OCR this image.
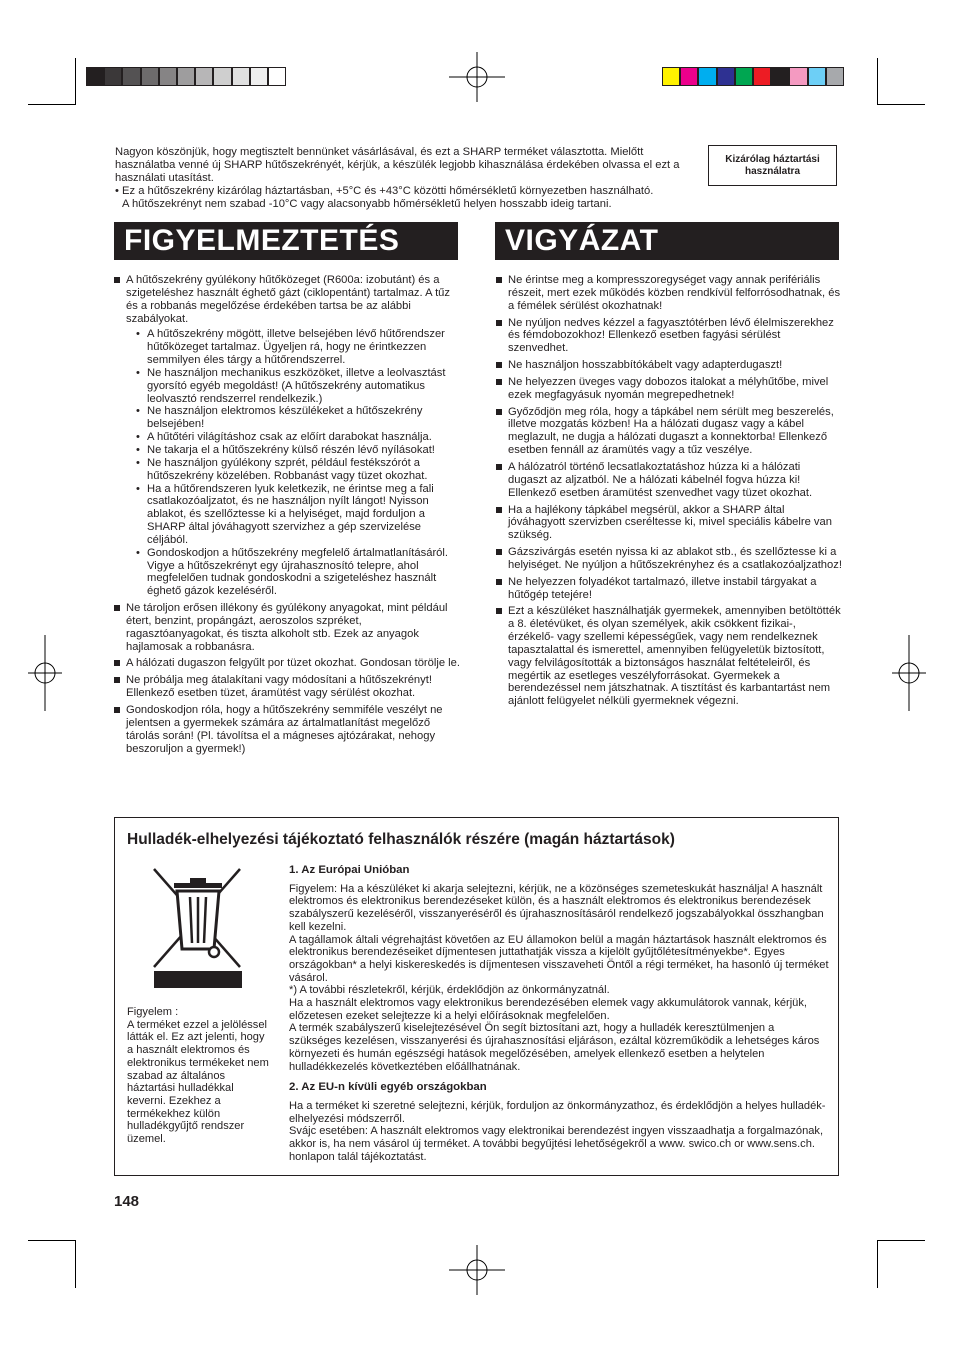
Nagyon köszönjük, hogy megtisztelt bennünket vásárlásával, és ezt a SHARP terméket választotta. Mielőtt használatba venné új SHARP hűtőszekrényét, kérjük, a készülék legjobb kihasználása érdekében olvassa el ezt a használati utasítást.

• Ez a hűtőszekrény kizárólag háztartásban, +5°C és +43°C közötti hőmérsékletű környezetben használható.

A hűtőszekrényt nem szabad -10°C vagy alacsonyabb hőmérsékletű helyen hosszabb ideig tartani.

Kizárólag háztartási használatra
FIGYELMEZTETÉS
A hűtőszekrény gyúlékony hűtőközeget (R600a: izobutánt) és a szigeteléshez használt éghető gázt (ciklopentánt) tartalmaz. A tűz és a robbanás megelőzése érdekében tartsa be az alábbi szabályokat.
• A hűtőszekrény mögött, illetve belsejében lévő hűtőrendszer hűtőközeget tartalmaz. Ügyeljen rá, hogy ne érintkezzen semmilyen éles tárgy a hűtőrendszerrel.
• Ne használjon mechanikus eszközöket, illetve a leolvasztást gyorsító egyéb megoldást! (A hűtőszekrény automatikus leolvasztó rendszerrel rendelkezik.)
• Ne használjon elektromos készülékeket a hűtőszekrény belsejében!
• A hűtőtéri világításhoz csak az előírt darabokat használja.
• Ne takarja el a hűtőszekrény külső részén lévő nyílásokat!
• Ne használjon gyúlékony szprét, például festékszórót a hűtőszekrény közelében. Robbanást vagy tüzet okozhat.
• Ha a hűtőrendszeren lyuk keletkezik, ne érintse meg a fali csatlakozóaljzatot, és ne használjon nyílt lángot! Nyisson ablakot, és szellőztesse ki a helyiséget, majd forduljon a SHARP által jóváhagyott szervizhez a gép szervizelése céljából.
• Gondoskodjon a hűtőszekrény megfelelő ártalmatlanításáról. Vigye a hűtőszekrényt egy újrahasznosító telepre, ahol megfelelően tudnak gondoskodni a szigeteléshez használt éghető gázok kezeléséről.
Ne tároljon erősen illékony és gyúlékony anyagokat, mint például étert, benzint, propángázt, aeroszolos szpréket, ragasztóanyagokat, és tiszta alkoholt stb. Ezek az anyagok hajlamosak a robbanásra.
A hálózati dugaszon felgyűlt por tüzet okozhat. Gondosan törölje le.
Ne próbálja meg átalakítani vagy módosítani a hűtőszekrényt! Ellenkező esetben tüzet, áramütést vagy sérülést okozhat.
Gondoskodjon róla, hogy a hűtőszekrény semmiféle veszélyt ne jelentsen a gyermekek számára az ártalmatlanítást megelőző tárolás során! (Pl. távolítsa el a mágneses ajtózárakat, nehogy beszoruljon a gyermek!)
VIGYÁZAT
Ne érintse meg a kompresszoregységet vagy annak perifériális részeit, mert ezek működés közben rendkívül felforrósodhatnak, és a fémélek sérülést okozhatnak!
Ne nyúljon nedves kézzel a fagyasztótérben lévő élelmiszerekhez és fémdobozokhoz! Ellenkező esetben fagyási sérülést szenvedhet.
Ne használjon hosszabbítókábelt vagy adapterdugaszt!
Ne helyezzen üveges vagy dobozos italokat a mélyhűtőbe, mivel ezek megfagyásuk nyomán megrepedhetnek!
Győződjön meg róla, hogy a tápkábel nem sérült meg beszerelés, illetve mozgatás közben! Ha a hálózati dugasz vagy a kábel meglazult, ne dugja a hálózati dugaszt a konnektorba! Ellenkező esetben fennáll az áramütés vagy a tűz veszélye.
A hálózatról történő lecsatlakoztatáshoz húzza ki a hálózati dugaszt az aljzatból. Ne a hálózati kábelnél fogva húzza ki! Ellenkező esetben áramütést szenvedhet vagy tüzet okozhat.
Ha a hajlékony tápkábel megsérül, akkor a SHARP által jóváhagyott szervizben cseréltesse ki, mivel speciális kábelre van szükség.
Gázszivárgás esetén nyissa ki az ablakot stb., és szellőztesse ki a helyiséget. Ne nyúljon a hűtőszekrényhez és a csatlakozóaljzathoz!
Ne helyezzen folyadékot tartalmazó, illetve instabil tárgyakat a hűtőgép tetejére!
Ezt a készüléket használhatják gyermekek, amennyiben betöltötték a 8. életévüket, és olyan személyek, akik csökkent fizikai-, érzékelő- vagy szellemi képességűek, vagy nem rendelkeznek tapasztalattal és ismerettel, amennyiben felügyeletük biztosított, vagy felvilágosították a biztonságos használat feltételeiről, és megértik az esetleges veszélyforrásokat. Gyermekek a berendezéssel nem játszhatnak. A tisztítást és karbantartást nem ajánlott felügyelet nélküli gyermeknek végezni.
Hulladék-elhelyezési tájékoztató felhasználók részére (magán háztartások)

Figyelem :

A terméket ezzel a jelöléssel látták el. Ez azt jelenti, hogy a használt elektromos és elektronikus termékeket nem szabad az általános háztartási hulladékkal keverni. Ezekhez a termékekhez külön hulladékgyűjtő rendszer üzemel.

1. Az Európai Unióban

Figyelem: Ha a készüléket ki akarja selejtezni, kérjük, ne a közönséges szemeteskukát használja! A használt elektromos és elektronikus berendezéseket külön, és a használt elektromos és elektronikus berendezések szabályszerű kezeléséről, visszanyeréséről és újrahasznosításáról rendelkező jogszabályokkal összhangban kell kezelni.

A tagállamok általi végrehajtást követően az EU államokon belül a magán háztartások használt elektromos és elektronikus berendezéseiket díjmentesen juttathatják vissza a kijelölt gyűjtőlétesítményekbe*. Egyes országokban* a helyi kiskereskedés is díjmentesen visszaveheti Öntől a régi terméket, ha hasonló új terméket vásárol.

*) A további részletekről, kérjük, érdeklődjön az önkormányzatnál.

Ha a használt elektromos vagy elektronikus berendezésében elemek vagy akkumulátorok vannak, kérjük, előzetesen ezeket selejtezze ki a helyi előírásoknak megfelelően.

A termék szabályszerű kiselejtezésével Ön segít biztosítani azt, hogy a hulladék keresztülmenjen a szükséges kezelésen, visszanyerési és újrahasznosítási eljáráson, ezáltal közreműködik a lehetséges káros környezeti és humán egészségi hatások megelőzésében, amelyek ellenkező esetben a helytelen hulladékkezelés következtében előállhatnának.

2. Az EU-n kívüli egyéb országokban

Ha a terméket ki szeretné selejtezni, kérjük, forduljon az önkormányzathoz, és érdeklődjön a helyes hulladék-elhelyezési módszerről.

Svájc esetében: A használt elektromos vagy elektronikai berendezést ingyen visszaadhatja a forgalmazónak, akkor is, ha nem vásárol új terméket. A további begyűjtési lehetőségekről a www. swico.ch or www.sens.ch. honlapon talál tájékoztatást.

148
